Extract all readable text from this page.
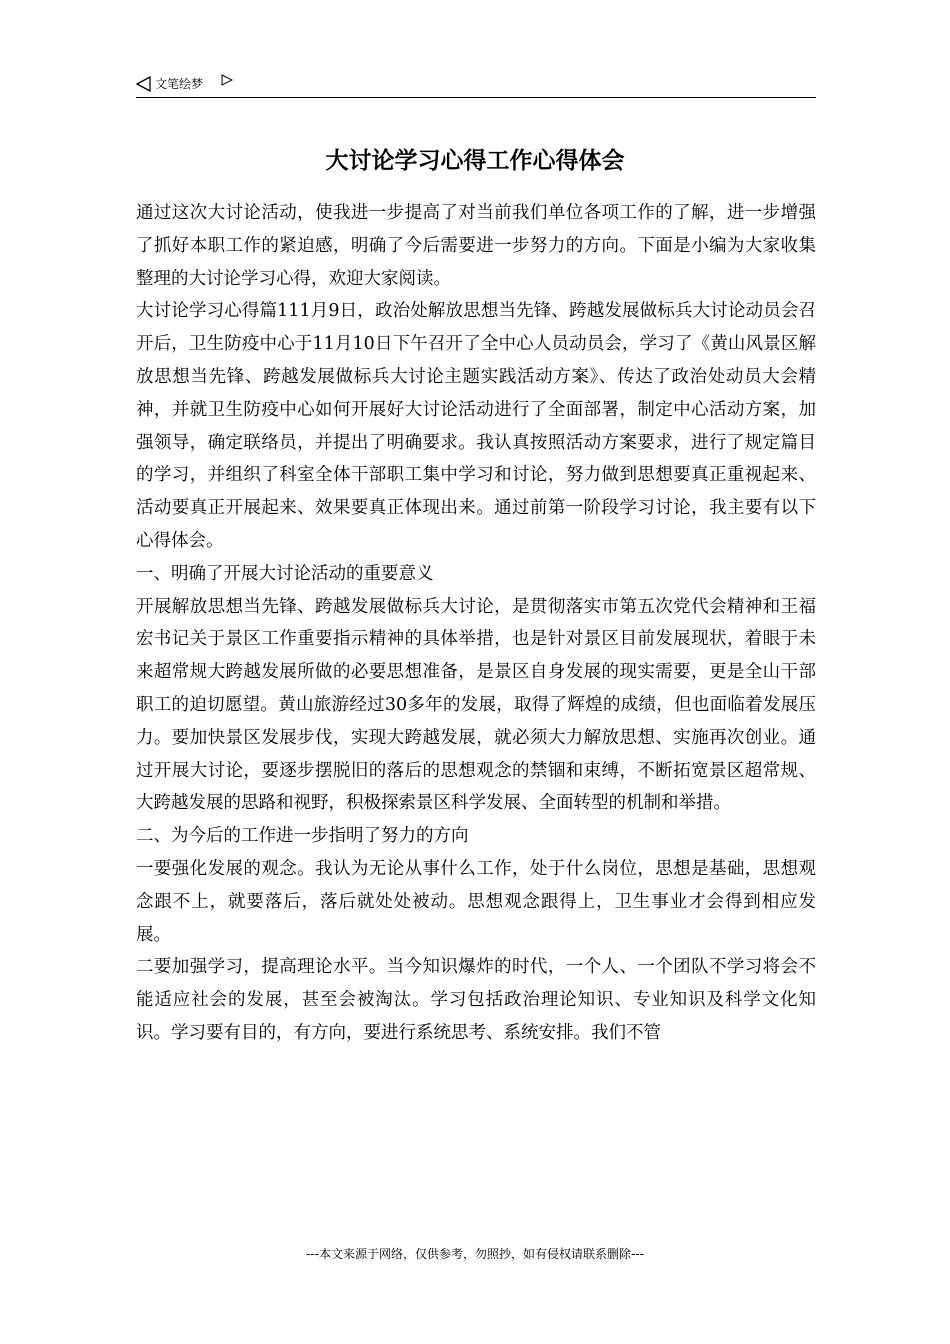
文笔绘梦
大讨论学习心得工作心得体会

通过这次大讨论活动，使我进一步提高了对当前我们单位各项工作的了解，进一步增强了抓好本职工作的紧迫感，明确了今后需要进一步努力的方向。下面是小编为大家收集整理的大讨论学习心得，欢迎大家阅读。

大讨论学习心得篇111月9日，政治处解放思想当先锋、跨越发展做标兵大讨论动员会召开后，卫生防疫中心于11月10日下午召开了全中心人员动员会，学习了《黄山风景区解放思想当先锋、跨越发展做标兵大讨论主题实践活动方案》、传达了政治处动员大会精神，并就卫生防疫中心如何开展好大讨论活动进行了全面部署，制定中心活动方案，加强领导，确定联络员，并提出了明确要求。我认真按照活动方案要求，进行了规定篇目的学习，并组织了科室全体干部职工集中学习和讨论，努力做到思想要真正重视起来、活动要真正开展起来、效果要真正体现出来。通过前第一阶段学习讨论，我主要有以下心得体会。

一、明确了开展大讨论活动的重要意义

开展解放思想当先锋、跨越发展做标兵大讨论，是贯彻落实市第五次党代会精神和王福宏书记关于景区工作重要指示精神的具体举措，也是针对景区目前发展现状，着眼于未来超常规大跨越发展所做的必要思想准备，是景区自身发展的现实需要，更是全山干部职工的迫切愿望。黄山旅游经过30多年的发展，取得了辉煌的成绩，但也面临着发展压力。要加快景区发展步伐，实现大跨越发展，就必须大力解放思想、实施再次创业。通过开展大讨论，要逐步摆脱旧的落后的思想观念的禁锢和束缚，不断拓宽景区超常规、大跨越发展的思路和视野，积极探索景区科学发展、全面转型的机制和举措。

二、为今后的工作进一步指明了努力的方向

一要强化发展的观念。我认为无论从事什么工作，处于什么岗位，思想是基础，思想观念跟不上，就要落后，落后就处处被动。思想观念跟得上，卫生事业才会得到相应发展。

二要加强学习，提高理论水平。当今知识爆炸的时代，一个人、一个团队不学习将会不能适应社会的发展，甚至会被淘汰。学习包括政治理论知识、专业知识及科学文化知识。学习要有目的，有方向，要进行系统思考、系统安排。我们不管

---本文来源于网络，仅供参考，勿照抄，如有侵权请联系删除---
